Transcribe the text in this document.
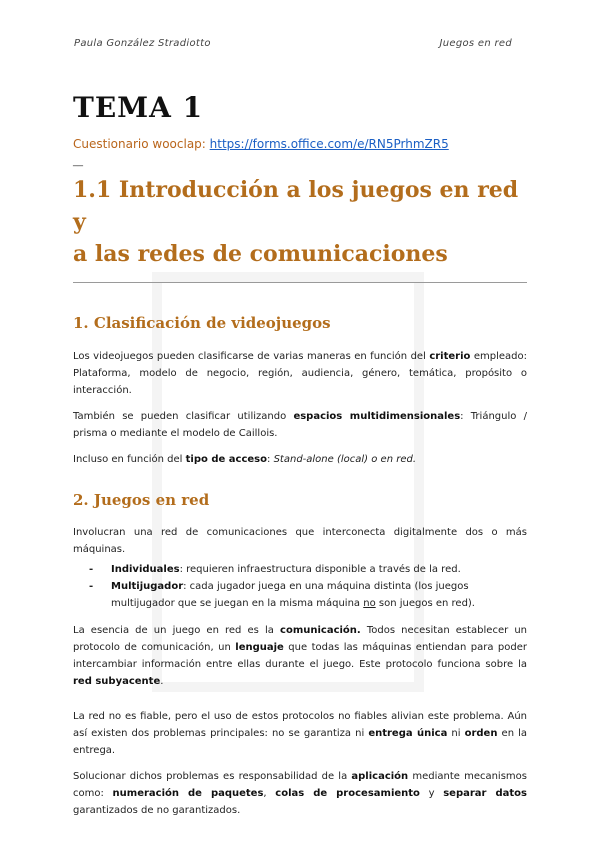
Paula González Stradiotto	Juegos en red
TEMA 1
Cuestionario wooclap: https://forms.office.com/e/RN5PrhmZR5
__
1.1 Introducción a los juegos en red y
a las redes de comunicaciones
1. Clasificación de videojuegos

Los videojuegos pueden clasificarse de varias maneras en función del criterio empleado: Plataforma, modelo de negocio, región, audiencia, género, temática, propósito o interacción.

También se pueden clasificar utilizando espacios multidimensionales: Triángulo / prisma o mediante el modelo de Caillois.

Incluso en función del tipo de acceso: Stand-alone (local) o en red.

2. Juegos en red

Involucran una red de comunicaciones que interconecta digitalmente dos o más máquinas.

- Individuales: requieren infraestructura disponible a través de la red.
- Multijugador: cada jugador juega en una máquina distinta (los juegos multijugador que se juegan en la misma máquina no son juegos en red).

La esencia de un juego en red es la comunicación. Todos necesitan establecer un protocolo de comunicación, un lenguaje que todas las máquinas entiendan para poder intercambiar información entre ellas durante el juego. Este protocolo funciona sobre la red subyacente.

La red no es fiable, pero el uso de estos protocolos no fiables alivian este problema. Aún así existen dos problemas principales: no se garantiza ni entrega única ni orden en la entrega.

Solucionar dichos problemas es responsabilidad de la aplicación mediante mecanismos como: numeración de paquetes, colas de procesamiento y separar datos garantizados de no garantizados.
